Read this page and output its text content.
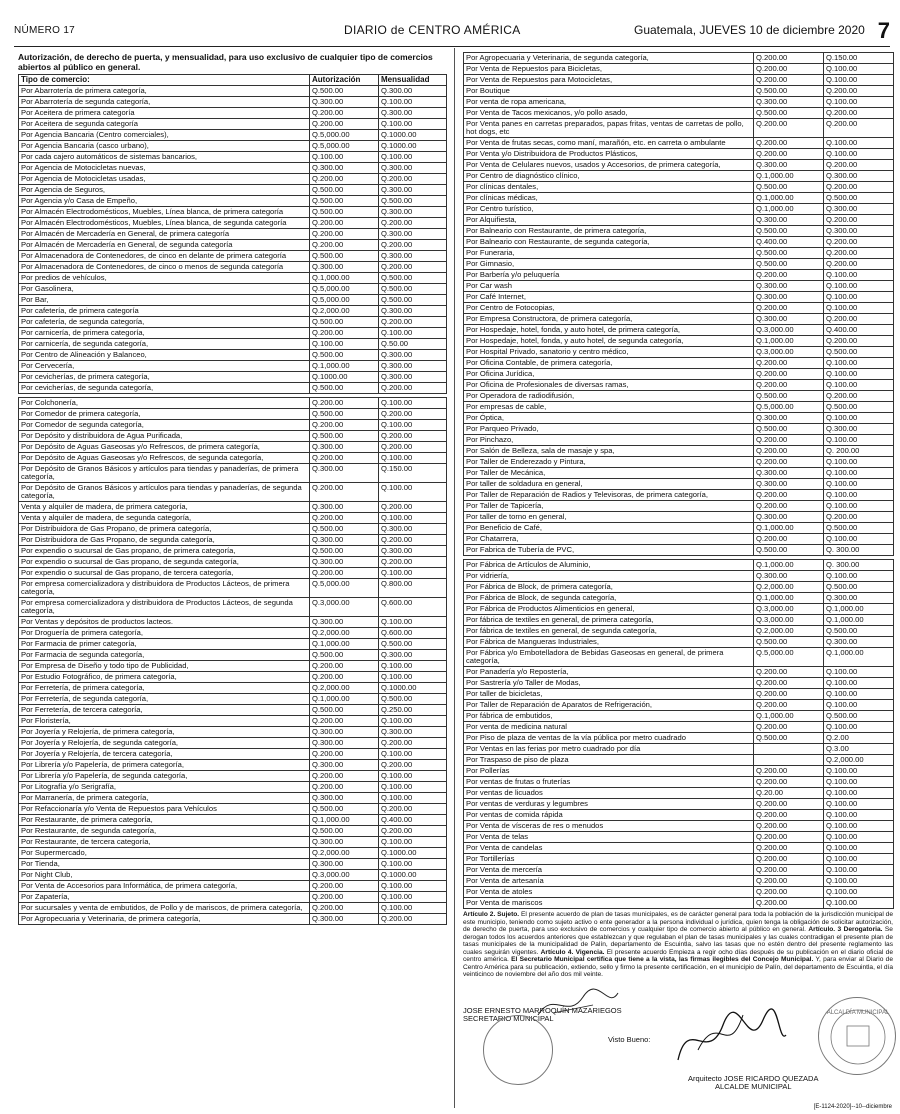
NÚMERO 17	DIARIO de CENTRO AMÉRICA	Guatemala, JUEVES 10 de diciembre 2020 7
Autorización, de derecho de puerta, y mensualidad, para uso exclusivo de cualquier tipo de comercios abiertos al público en general.
Tipo de comercio:	Autorización	Mensualidad
Por Abarrotería de primera categoría,	Q.500.00	Q.300.00
Por Abarrotería de segunda categoría,	Q.300.00	Q.100.00
Por Aceitera de primera categoría	Q.200.00	Q.300.00
Por Aceitera de segunda categoría	Q.200.00	Q.100.00
Por Agencia Bancaria (Centro comerciales),	Q.5,000.00	Q.1000.00
Por Agencia Bancaria (casco urbano),	Q.5,000.00	Q.1000.00
Por cada cajero automáticos de sistemas bancarios,	Q.100.00	Q.100.00
Por Agencia de Motocicletas nuevas,	Q.300.00	Q.300.00
Por Agencia de Motocicletas usadas,	Q.200.00	Q.200.00
Por Agencia de Seguros,	Q.500.00	Q.300.00
Por Agencia y/o Casa de Empeño,	Q.500.00	Q.500.00
Por Almacén Electrodomésticos, Muebles, Línea blanca, de primera categoría	Q.500.00	Q.300.00
Por Almacén Electrodomésticos, Muebles, Línea blanca, de segunda categoría	Q.200.00	Q.200.00
Por Almacén de Mercadería en General, de primera categoría	Q.200.00	Q.300.00
Por Almacén de Mercadería en General, de segunda categoría	Q.200.00	Q.200.00
Por Almacenadora de Contenedores, de cinco en delante de primera categoría	Q.500.00	Q.300.00
Por Almacenadora de Contenedores, de cinco o menos de segunda categoría	Q.300.00	Q.200.00
Por predios de vehículos,	Q.1,000.00	Q.500.00
Por Gasolinera,	Q.5,000.00	Q.500.00
Por Bar,	Q.5,000.00	Q.500.00
Por cafetería, de primera categoría	Q.2,000.00	Q.300.00
Por cafetería, de segunda categoría,	Q.500.00	Q.200.00
Por carnicería, de primera categoría,	Q.200.00	Q.100.00
Por carnicería, de segunda categoría,	Q.100.00	Q.50.00
Por Centro de Alineación y Balanceo,	Q.500.00	Q.300.00
Por Cervecería,	Q.1,000.00	Q.300.00
Por cevicherías, de primera categoría,	Q.1000.00	Q.300.00
Por cevicherías, de segunda categoría,	Q.500.00	Q.200.00

Por Colchonería,	Q.200.00	Q.100.00
Por Comedor de primera categoría,	Q.500.00	Q.200.00
Por Comedor de segunda categoría,	Q.200.00	Q.100.00
Por Depósito y distribuidora de Agua Purificada,	Q.500.00	Q.200.00
Por Depósito de Aguas Gaseosas y/o Refrescos, de primera categoría,	Q.300.00	Q.200.00
Por Depósito de Aguas Gaseosas y/o Refrescos, de segunda categoría,	Q.200.00	Q.100.00
Por Depósito de Granos Básicos y artículos para tiendas y panaderías, de primera categoría,	Q.300.00	Q.150.00
Por Depósito de Granos Básicos y artículos para tiendas y panaderías, de segunda categoría,	Q.200.00	Q.100.00
Venta y alquiler de madera, de primera categoría,	Q.300.00	Q.200.00
Venta y alquiler de madera, de segunda categoría,	Q.200.00	Q.100.00
Por Distribuidora de Gas Propano, de primera categoría,	Q.500.00	Q.300.00
Por Distribuidora de Gas Propano, de segunda categoría,	Q.300.00	Q.200.00
Por expendio o sucursal de Gas propano, de primera categoría,	Q.500.00	Q.300.00
Por expendio o sucursal de Gas propano, de segunda categoría,	Q.300.00	Q.200.00
Por expendio o sucursal de Gas propano, de tercera categoría,	Q.200.00	Q.100.00
Por empresa comercializadora y distribuidora de Productos Lácteos, de primera categoría,	Q.5,000.00	Q.800.00
Por empresa comercializadora y distribuidora de Productos Lácteos, de segunda categoría,	Q.3,000.00	Q.600.00
Por Ventas y depósitos de productos lacteos.	Q.300.00	Q.100.00
Por Droguería de primera categoría,	Q.2,000.00	Q.600.00
Por Farmacia de primer categoría,	Q.1,000.00	Q.500.00
Por Farmacia de segunda categoría,	Q.500.00	Q.300.00
Por Empresa de Diseño y todo tipo de Publicidad,	Q.200.00	Q.100.00
Por Estudio Fotográfico, de primera categoría,	Q.200.00	Q.100.00
Por Ferretería, de primera categoría,	Q.2,000.00	Q.1000.00
Por Ferretería, de segunda categoría,	Q.1,000.00	Q.500.00
Por Ferretería, de tercera categoría,	Q.500.00	Q.250.00
Por Floristería,	Q.200.00	Q.100.00
Por Joyería y Relojería, de primera categoría,	Q.300.00	Q.300.00
Por Joyería y Relojería, de segunda categoría,	Q.300.00	Q.200.00
Por Joyería y Relojería, de tercera categoría,	Q.200.00	Q.100.00
Por Librería y/o Papelería, de primera categoría,	Q.300.00	Q.200.00
Por Librería y/o Papelería, de segunda categoría,	Q.200.00	Q.100.00
Por Litografía y/o Serigrafía,	Q.200.00	Q.100.00
Por Marranería, de primera categoría,	Q.300.00	Q.100.00
Por Refaccionaría y/o Venta de Repuestos para Vehículos	Q.500.00	Q.200.00
Por Restaurante, de primera categoría,	Q.1,000.00	Q.400.00
Por Restaurante, de segunda categoría,	Q.500.00	Q.200.00
Por Restaurante, de tercera categoría,	Q.300.00	Q.100.00
Por Supermercado,	Q.2,000.00	Q.1000.00
Por Tienda,	Q.300.00	Q.100.00
Por Night Club,	Q.3,000.00	Q.1000.00
Por Venta de Accesorios para Informática, de primera categoría,	Q.200.00	Q.100.00
Por Zapatería,	Q.200.00	Q.100.00
Por sucursales y venta de embutidos, de Pollo y de mariscos, de primera categoría,	Q.200.00	Q.100.00
Por Agropecuaria y Veterinaria, de primera categoría,	Q.300.00	Q.200.00
Por Agropecuaria y Veterinaria, de segunda categoría,	Q.200.00	Q.150.00
Por Venta de Repuestos para Bicicletas,	Q.200.00	Q.100.00
Por Venta de Repuestos para Motocicletas,	Q.200.00	Q.100.00
Por Boutique	Q.500.00	Q.200.00
Por venta de ropa americana,	Q.300.00	Q.100.00
Por Venta de Tacos mexicanos, y/o pollo asado,	Q.500.00	Q.200.00
Por Venta panes en carretas preparados, papas fritas, ventas de carretas de pollo, hot dogs, etc	Q.200.00	Q.200.00
Por Venta de frutas secas, como maní, marañón, etc. en carreta o ambulante	Q.200.00	Q.100.00
Por Venta y/o Distribuidora de Productos Plásticos,	Q.200.00	Q.100.00
Por Venta de Celulares nuevos, usados y Accesorios, de primera categoría,	Q.300.00	Q.200.00
Por Centro de diagnóstico clínico,	Q.1,000.00	Q.300.00
Por clínicas dentales,	Q.500.00	Q.200.00
Por clínicas médicas,	Q.1,000.00	Q.500.00
Por Centro turístico,	Q.1,000.00	Q.300.00
Por Alquifiesta,	Q.300.00	Q.200.00
Por Balneario con Restaurante, de primera categoría,	Q.500.00	Q.300.00
Por Balneario con Restaurante, de segunda categoría,	Q.400.00	Q.200.00
Por Funeraria,	Q.500.00	Q.200.00
Por Gimnasio,	Q.500.00	Q.200.00
Por Barbería y/o peluquería	Q.200.00	Q.100.00
Por Car wash	Q.300.00	Q.100.00
Por Café Internet,	Q.300.00	Q.100.00
Por Centro de Fotocopias,	Q.200.00	Q.100.00
Por Empresa Constructora, de primera categoría,	Q.300.00	Q.200.00
Por Hospedaje, hotel, fonda, y auto hotel, de primera categoría,	Q.3,000.00	Q.400.00
Por Hospedaje, hotel, fonda, y auto hotel, de segunda categoría,	Q.1,000.00	Q.200.00
Por Hospital Privado, sanatorio y centro médico,	Q.3,000.00	Q.500.00
Por Oficina Contable, de primera categoría,	Q.200.00	Q.100.00
Por Oficina Jurídica,	Q.200.00	Q.100.00
Por Oficina de Profesionales de diversas ramas,	Q.200.00	Q.100.00
Por Operadora de radiodifusión,	Q.500.00	Q.200.00
Por empresas de cable,	Q.5,000.00	Q.500.00
Por Óptica,	Q.300.00	Q.100.00
Por Parqueo Privado,	Q.500.00	Q.300.00
Por Pinchazo,	Q.200.00	Q.100.00
Por Salón de Belleza, sala de masaje y spa,	Q.200.00	Q. 200.00
Por Taller de Enderezado y Pintura,	Q.200.00	Q.100.00
Por Taller de Mecánica,	Q.300.00	Q.100.00
Por taller de soldadura en general,	Q.300.00	Q.100.00
Por Taller de Reparación de Radios y Televisoras, de primera categoría,	Q.200.00	Q.100.00
Por Taller de Tapicería,	Q.200.00	Q.100.00
Por taller de torno en general,	Q.300.00	Q.200.00
Por Beneficio de Café,	Q.1,000.00	Q.500.00
Por Chatarrera,	Q.200.00	Q.100.00
Por Fabrica de Tubería de PVC,	Q.500.00	Q. 300.00

Por Fábrica de Artículos de Aluminio,	Q.1,000.00	Q. 300.00
Por vidriería,	Q.300.00	Q.100.00
Por Fábrica de Block, de primera categoría,	Q.2,000.00	Q.500.00
Por Fábrica de Block, de segunda categoría,	Q.1,000.00	Q.300.00
Por Fábrica de Productos Alimenticios en general,	Q.3,000.00	Q.1,000.00
Por fábrica de textiles en general, de primera categoría,	Q.3,000.00	Q.1,000.00
Por fábrica de textiles en general, de segunda categoría,	Q.2,000.00	Q.500.00
Por Fábrica de Mangueras Industriales,	Q.500.00	Q.300.00
Por Fábrica y/o Embotelladora de Bebidas Gaseosas en general, de primera categoría,	Q.5,000.00	Q.1,000.00
Por Panadería y/o Repostería,	Q.200.00	Q.100.00
Por Sastrería y/o Taller de Modas,	Q.200.00	Q.100.00
Por taller de bicicletas,	Q.200.00	Q.100.00
Por Taller de Reparación de Aparatos de Refrigeración,	Q.200.00	Q.100.00
Por fábrica de embutidos,	Q.1,000.00	Q.500.00
Por venta de medicina natural	Q.200.00	Q.100.00
Por Piso de plaza de ventas de la vía pública por metro cuadrado	Q.500.00	Q.2.00
Por Ventas en las ferias por metro cuadrado por día		Q.3.00
Por Traspaso de piso de plaza		Q.2,000.00
Por Pollerías	Q.200.00	Q.100.00
Por ventas de frutas o fruterías	Q.200.00	Q.100.00
Por ventas de licuados	Q.20.00	Q.100.00
Por ventas de verduras y legumbres	Q.200.00	Q.100.00
Por ventas de comida rápida	Q.200.00	Q.100.00
Por Venta de vísceras de res o menudos	Q.200.00	Q.100.00
Por Venta de telas	Q.200.00	Q.100.00
Por Venta de candelas	Q.200.00	Q.100.00
Por Tortillerías	Q.200.00	Q.100.00
Por Venta de mercería	Q.200.00	Q.100.00
Por Venta de artesanía	Q.200.00	Q.100.00
Por Venta de atoles	Q.200.00	Q.100.00
Por Venta de mariscos	Q.200.00	Q.100.00
Artículo 2. Sujeto. El presente acuerdo de plan de tasas municipales, es de carácter general para toda la población de la jurisdicción municipal de este municipio, teniendo como sujeto activo o ente generador a la persona individual o jurídica, quien tenga la obligación de solicitar autorización, de derecho de puerta, para uso exclusivo de comercios y cualquier tipo de comercio abierto al público en general. Artículo. 3 Derogatoria. Se derogan todos los acuerdos anteriores que establezcan y que regulaban el plan de tasas municipales y las cuales contradigan el presente plan de tasas municipales de la municipalidad de Palín, departamento de Escuintla, salvo las tasas que no estén dentro del presente reglamento las cuales seguirán vigentes. Artículo 4. Vigencia. El presente acuerdo Empieza a regir ocho días después de su publicación en el diario oficial de centro américa. El Secretario Municipal certifica que tiene a la vista, las firmas ilegibles del Concejo Municipal. Y, para enviar al Diario de Centro América para su publicación, extiendo, sello y firmo la presente certificación, en el municipio de Palín, del departamento de Escuintla, el día veinticinco de noviembre del año dos mil veinte.
JOSE ERNESTO MARROQUÍN MAZARIEGOS
SECRETARIO MUNICIPAL
Visto Bueno:
Arquitecto JOSE RICARDO QUEZADA
ALCALDE MUNICIPAL
ALCALDÍA MUNICIPAL
[E-1124-2020]--10--diciembre
